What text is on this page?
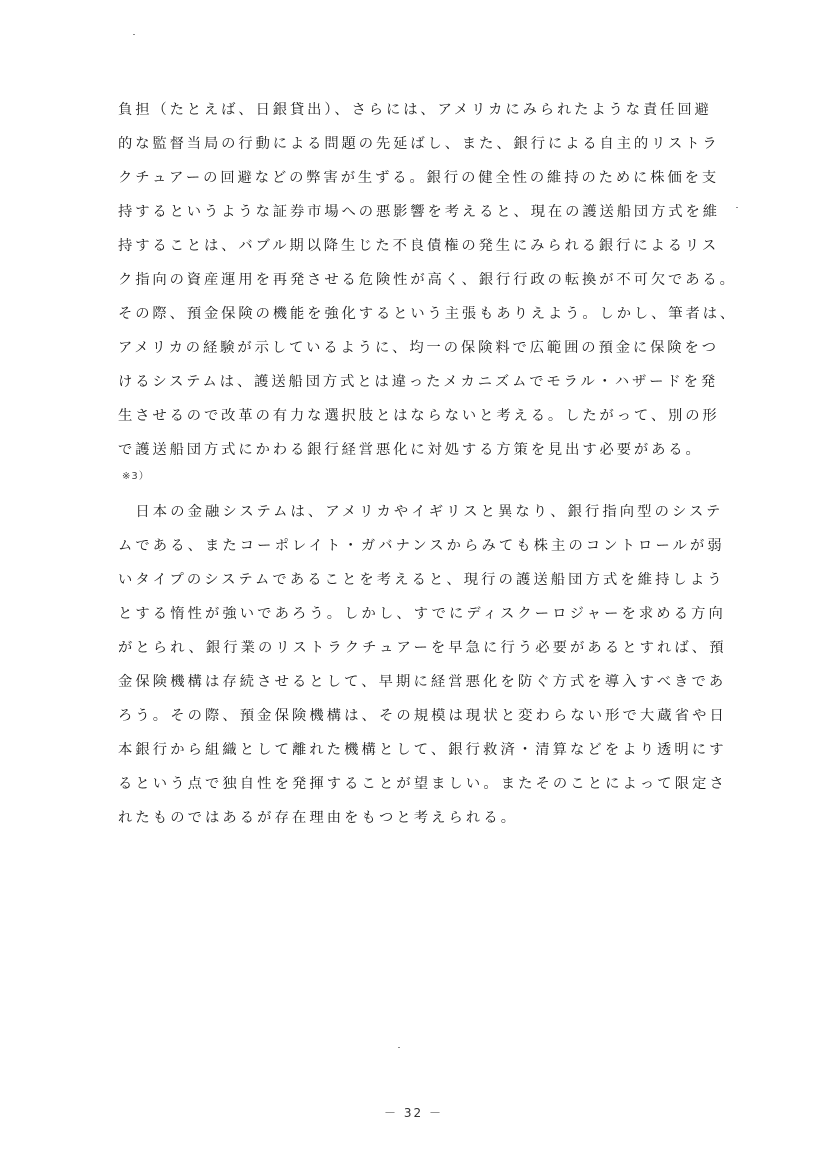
負担（たとえば、日銀貸出）、さらには、アメリカにみられたような責任回避
的な監督当局の行動による問題の先延ばし、また、銀行による自主的リストラ
クチュアーの回避などの弊害が生ずる。銀行の健全性の維持のために株価を支
持するというような証券市場への悪影響を考えると、現在の護送船団方式を維
持することは、バブル期以降生じた不良債権の発生にみられる銀行によるリス
ク指向の資産運用を再発させる危険性が高く、銀行行政の転換が不可欠である。
その際、預金保険の機能を強化するという主張もありえよう。しかし、筆者は、
アメリカの経験が示しているように、均一の保険料で広範囲の預金に保険をつ
けるシステムは、護送船団方式とは違ったメカニズムでモラル・ハザードを発
生させるので改革の有力な選択肢とはならないと考える。したがって、別の形
で護送船団方式にかわる銀行経営悪化に対処する方策を見出す必要がある。
※3）
　日本の金融システムは、アメリカやイギリスと異なり、銀行指向型のシステ
ムである、またコーポレイト・ガバナンスからみても株主のコントロールが弱
いタイプのシステムであることを考えると、現行の護送船団方式を維持しよう
とする惰性が強いであろう。しかし、すでにディスクーロジャーを求める方向
がとられ、銀行業のリストラクチュアーを早急に行う必要があるとすれば、預
金保険機構は存続させるとして、早期に経営悪化を防ぐ方式を導入すべきであ
ろう。その際、預金保険機構は、その規模は現状と変わらない形で大蔵省や日
本銀行から組織として離れた機構として、銀行救済・清算などをより透明にす
るという点で独自性を発揮することが望ましい。またそのことによって限定さ
れたものではあるが存在理由をもつと考えられる。
－ 32 －
